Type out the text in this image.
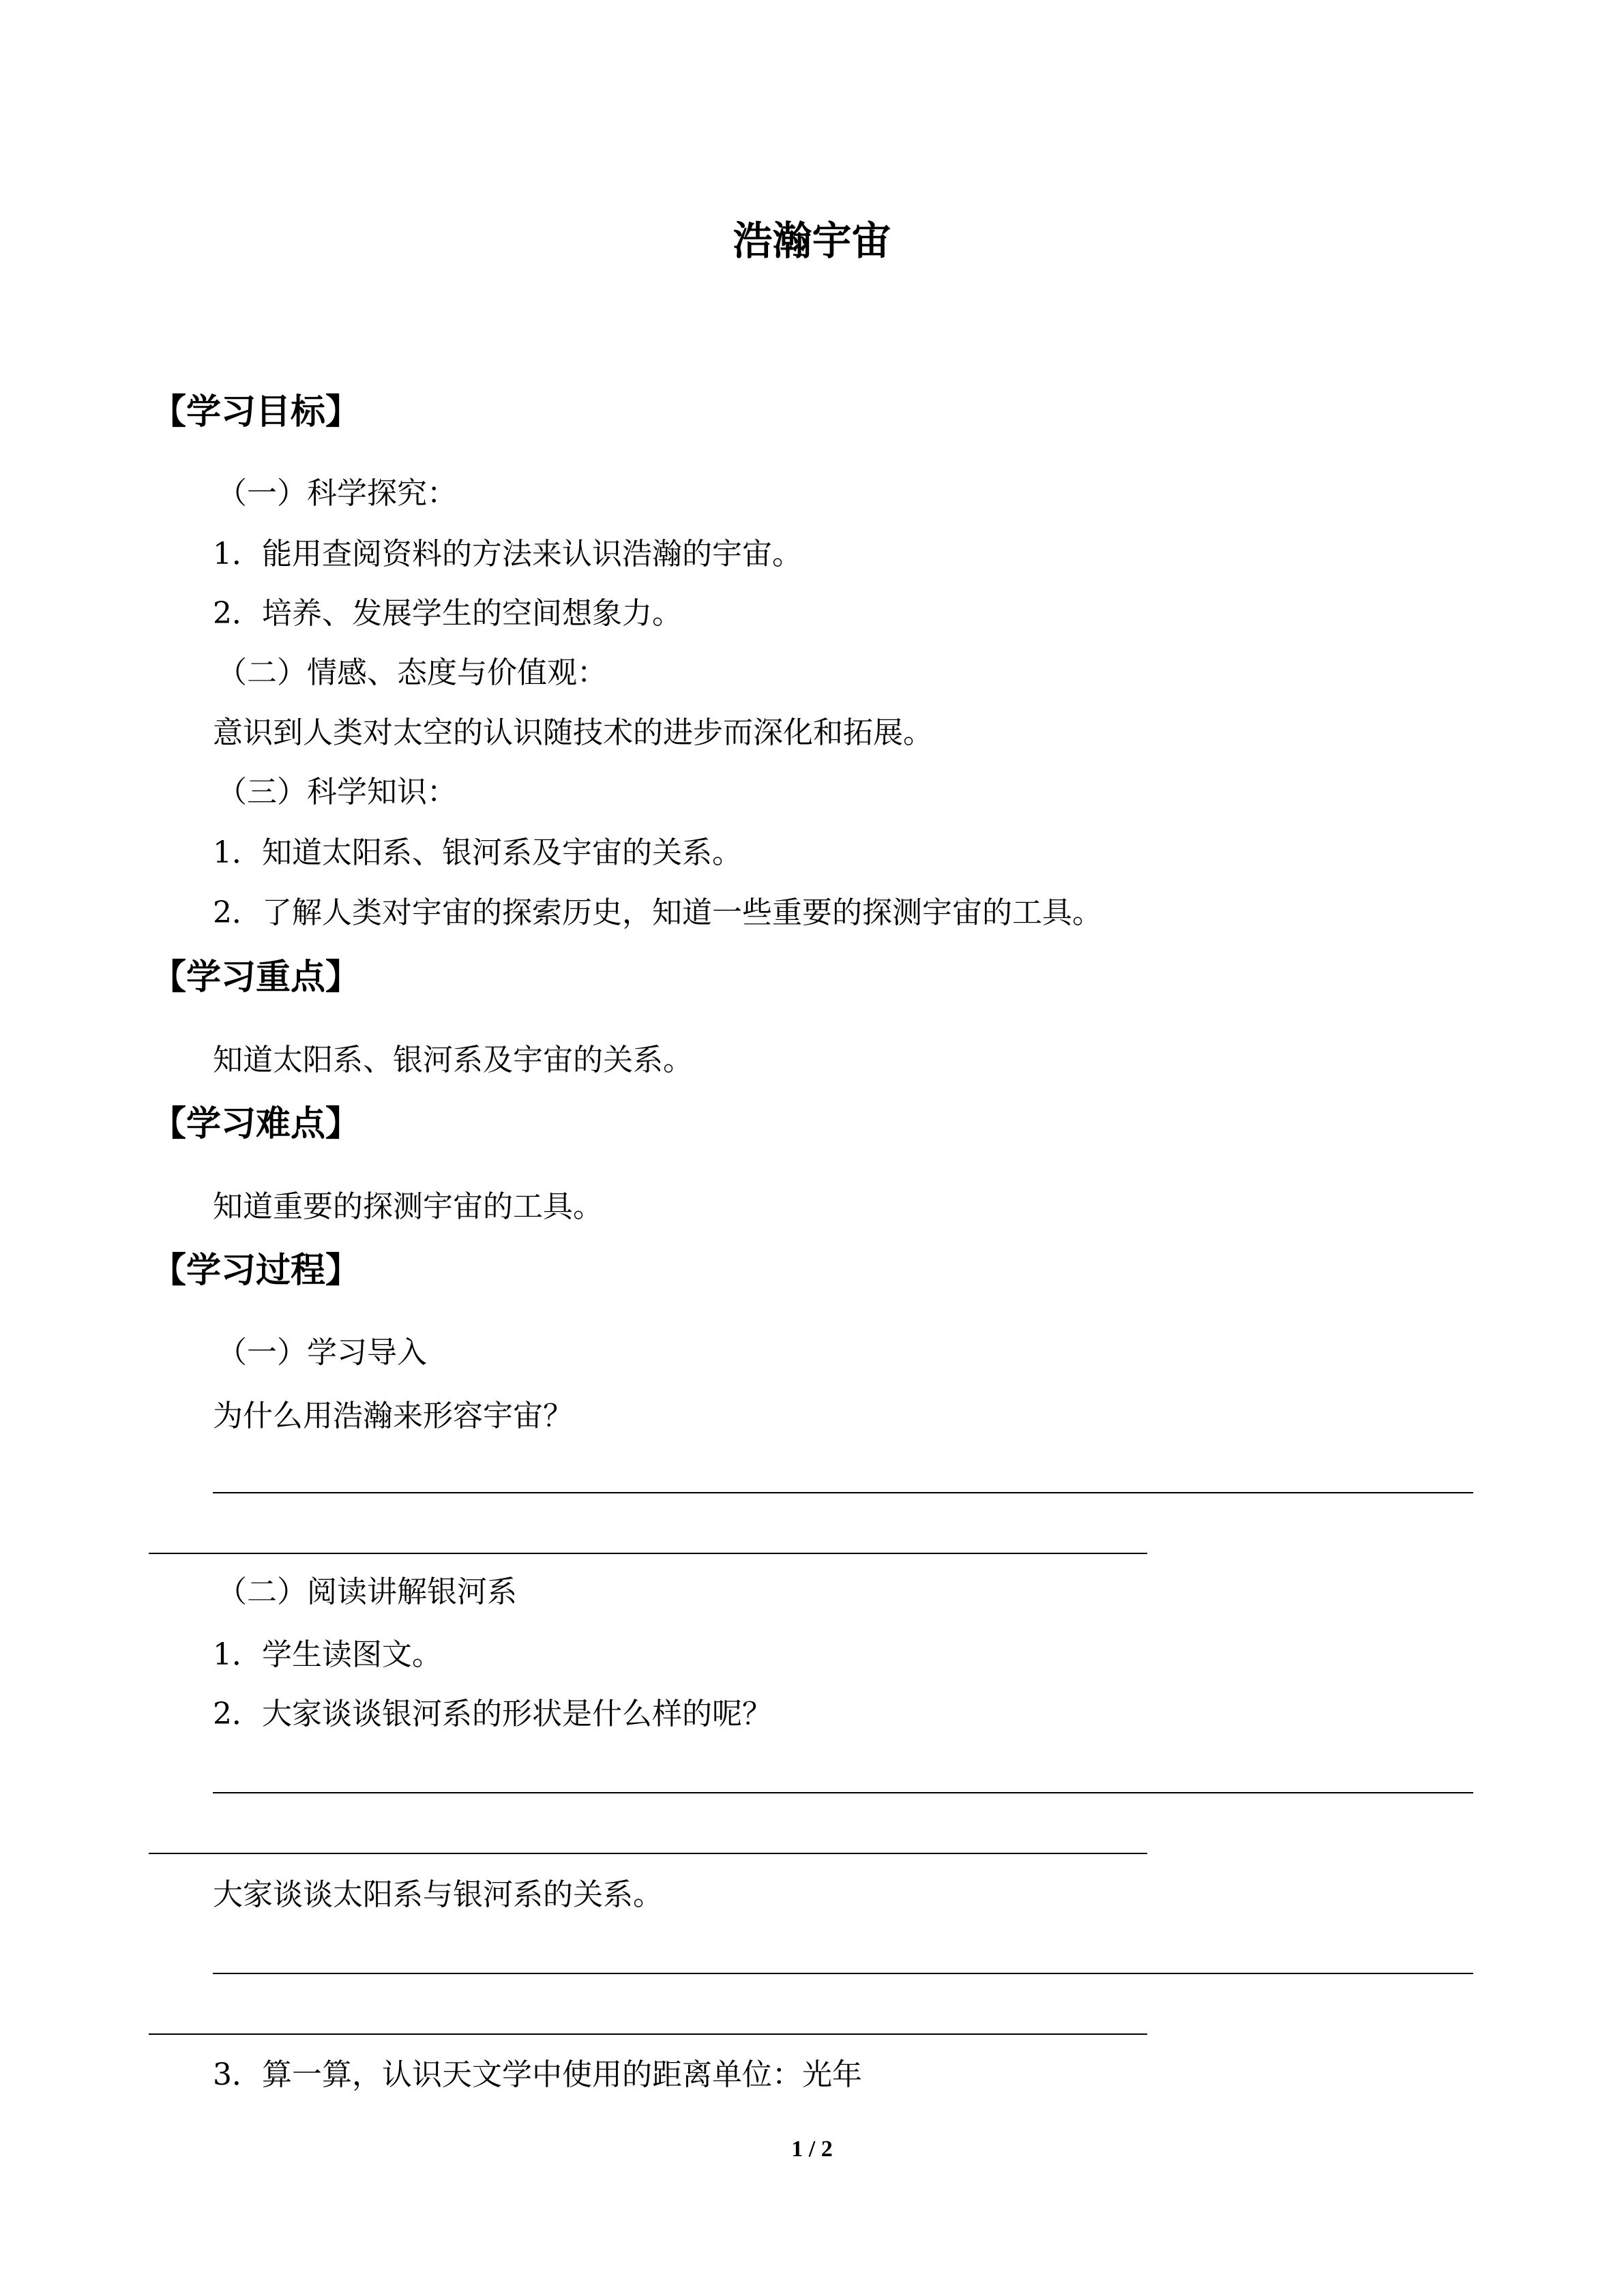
浩瀚宇宙
【学习目标】
（一）科学探究：
1．能用查阅资料的方法来认识浩瀚的宇宙。
2．培养、发展学生的空间想象力。
（二）情感、态度与价值观：
意识到人类对太空的认识随技术的进步而深化和拓展。
（三）科学知识：
1．知道太阳系、银河系及宇宙的关系。
2．了解人类对宇宙的探索历史，知道一些重要的探测宇宙的工具。
【学习重点】
知道太阳系、银河系及宇宙的关系。
【学习难点】
知道重要的探测宇宙的工具。
【学习过程】
（一）学习导入
为什么用浩瀚来形容宇宙？
（二）阅读讲解银河系
1．学生读图文。
2．大家谈谈银河系的形状是什么样的呢？
大家谈谈太阳系与银河系的关系。
3．算一算，认识天文学中使用的距离单位：光年
1 / 2
